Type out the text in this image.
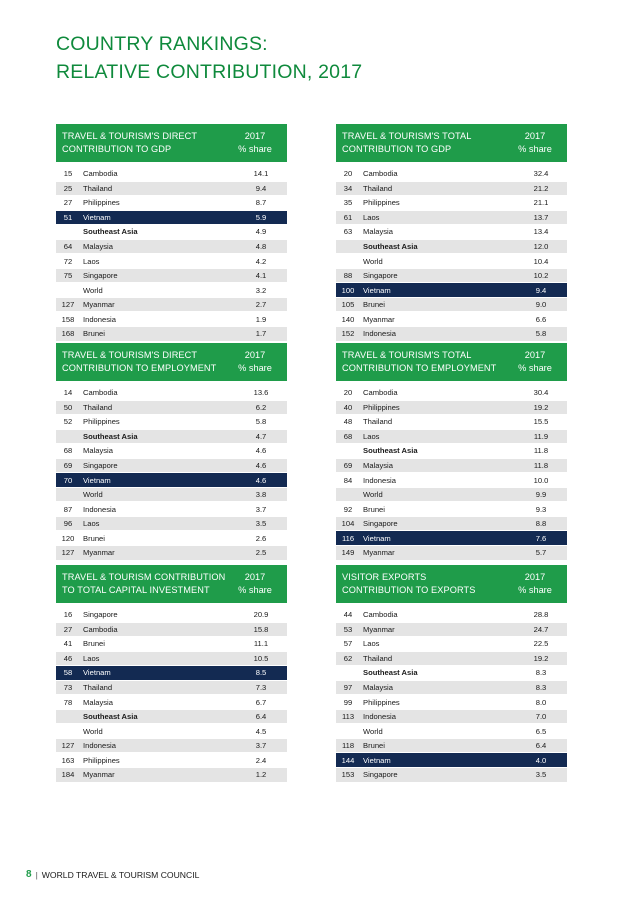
COUNTRY RANKINGS:
RELATIVE CONTRIBUTION, 2017
TRAVEL & TOURISM'S DIRECT
CONTRIBUTION TO GDP
2017
% share
15	Cambodia	14.1
25	Thailand	9.4
27	Philippines	8.7
51	Vietnam	5.9
Southeast Asia	4.9
64	Malaysia	4.8
72	Laos	4.2
75	Singapore	4.1
World	3.2
127	Myanmar	2.7
158	Indonesia	1.9
168	Brunei	1.7
TRAVEL & TOURISM'S TOTAL
CONTRIBUTION TO GDP
2017
% share
20	Cambodia	32.4
34	Thailand	21.2
35	Philippines	21.1
61	Laos	13.7
63	Malaysia	13.4
Southeast Asia	12.0
World	10.4
88	Singapore	10.2
100	Vietnam	9.4
105	Brunei	9.0
140	Myanmar	6.6
152	Indonesia	5.8
TRAVEL & TOURISM'S DIRECT
CONTRIBUTION TO EMPLOYMENT
2017
% share
14	Cambodia	13.6
50	Thailand	6.2
52	Philippines	5.8
Southeast Asia	4.7
68	Malaysia	4.6
69	Singapore	4.6
70	Vietnam	4.6
World	3.8
87	Indonesia	3.7
96	Laos	3.5
120	Brunei	2.6
127	Myanmar	2.5
TRAVEL & TOURISM'S TOTAL
CONTRIBUTION TO EMPLOYMENT
2017
% share
20	Cambodia	30.4
40	Philippines	19.2
48	Thailand	15.5
68	Laos	11.9
Southeast Asia	11.8
69	Malaysia	11.8
84	Indonesia	10.0
World	9.9
92	Brunei	9.3
104	Singapore	8.8
116	Vietnam	7.6
149	Myanmar	5.7
TRAVEL & TOURISM CONTRIBUTION
TO TOTAL CAPITAL INVESTMENT
2017
% share
16	Singapore	20.9
27	Cambodia	15.8
41	Brunei	11.1
46	Laos	10.5
58	Vietnam	8.5
73	Thailand	7.3
78	Malaysia	6.7
Southeast Asia	6.4
World	4.5
127	Indonesia	3.7
163	Philippines	2.4
184	Myanmar	1.2
VISITOR EXPORTS
CONTRIBUTION TO EXPORTS
2017
% share
44	Cambodia	28.8
53	Myanmar	24.7
57	Laos	22.5
62	Thailand	19.2
Southeast Asia	8.3
97	Malaysia	8.3
99	Philippines	8.0
113	Indonesia	7.0
World	6.5
118	Brunei	6.4
144	Vietnam	4.0
153	Singapore	3.5
8 | WORLD TRAVEL & TOURISM COUNCIL
